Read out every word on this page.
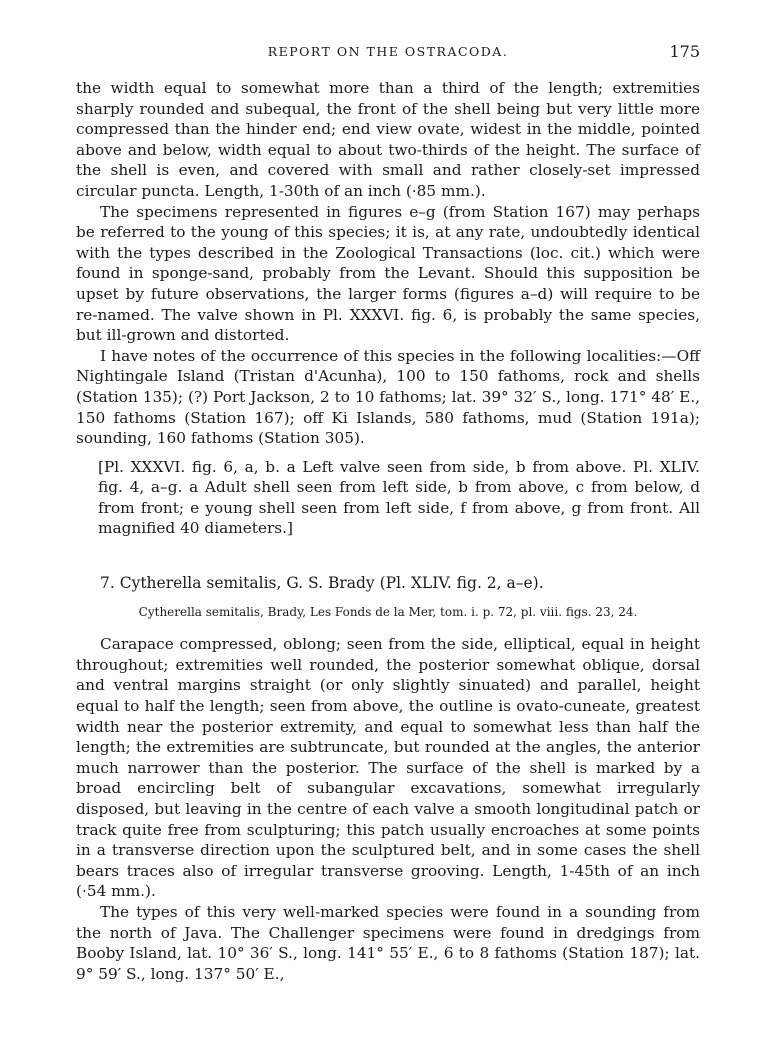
REPORT ON THE OSTRACODA.	175

the width equal to somewhat more than a third of the length; extremities sharply rounded and subequal, the front of the shell being but very little more compressed than the hinder end; end view ovate, widest in the middle, pointed above and below, width equal to about two-thirds of the height. The surface of the shell is even, and covered with small and rather closely-set impressed circular puncta. Length, 1-30th of an inch (·85 mm.).

The specimens represented in figures e–g (from Station 167) may perhaps be referred to the young of this species; it is, at any rate, undoubtedly identical with the types described in the Zoological Transactions (loc. cit.) which were found in sponge-sand, probably from the Levant. Should this supposition be upset by future observations, the larger forms (figures a–d) will require to be re-named. The valve shown in Pl. XXXVI. fig. 6, is probably the same species, but ill-grown and distorted.

I have notes of the occurrence of this species in the following localities:—Off Nightingale Island (Tristan d'Acunha), 100 to 150 fathoms, rock and shells (Station 135); (?) Port Jackson, 2 to 10 fathoms; lat. 39° 32′ S., long. 171° 48′ E., 150 fathoms (Station 167); off Ki Islands, 580 fathoms, mud (Station 191a); sounding, 160 fathoms (Station 305).

[Pl. XXXVI. fig. 6, a, b. a Left valve seen from side, b from above. Pl. XLIV. fig. 4, a–g. a Adult shell seen from left side, b from above, c from below, d from front; e young shell seen from left side, f from above, g from front. All magnified 40 diameters.]

7. Cytherella semitalis, G. S. Brady (Pl. XLIV. fig. 2, a–e).
Cytherella semitalis, Brady, Les Fonds de la Mer, tom. i. p. 72, pl. viii. figs. 23, 24.

Carapace compressed, oblong; seen from the side, elliptical, equal in height throughout; extremities well rounded, the posterior somewhat oblique, dorsal and ventral margins straight (or only slightly sinuated) and parallel, height equal to half the length; seen from above, the outline is ovato-cuneate, greatest width near the posterior extremity, and equal to somewhat less than half the length; the extremities are subtruncate, but rounded at the angles, the anterior much narrower than the posterior. The surface of the shell is marked by a broad encircling belt of subangular excavations, somewhat irregularly disposed, but leaving in the centre of each valve a smooth longitudinal patch or track quite free from sculpturing; this patch usually encroaches at some points in a transverse direction upon the sculptured belt, and in some cases the shell bears traces also of irregular transverse grooving. Length, 1-45th of an inch (·54 mm.).

The types of this very well-marked species were found in a sounding from the north of Java. The Challenger specimens were found in dredgings from Booby Island, lat. 10° 36′ S., long. 141° 55′ E., 6 to 8 fathoms (Station 187); lat. 9° 59′ S., long. 137° 50′ E.,
